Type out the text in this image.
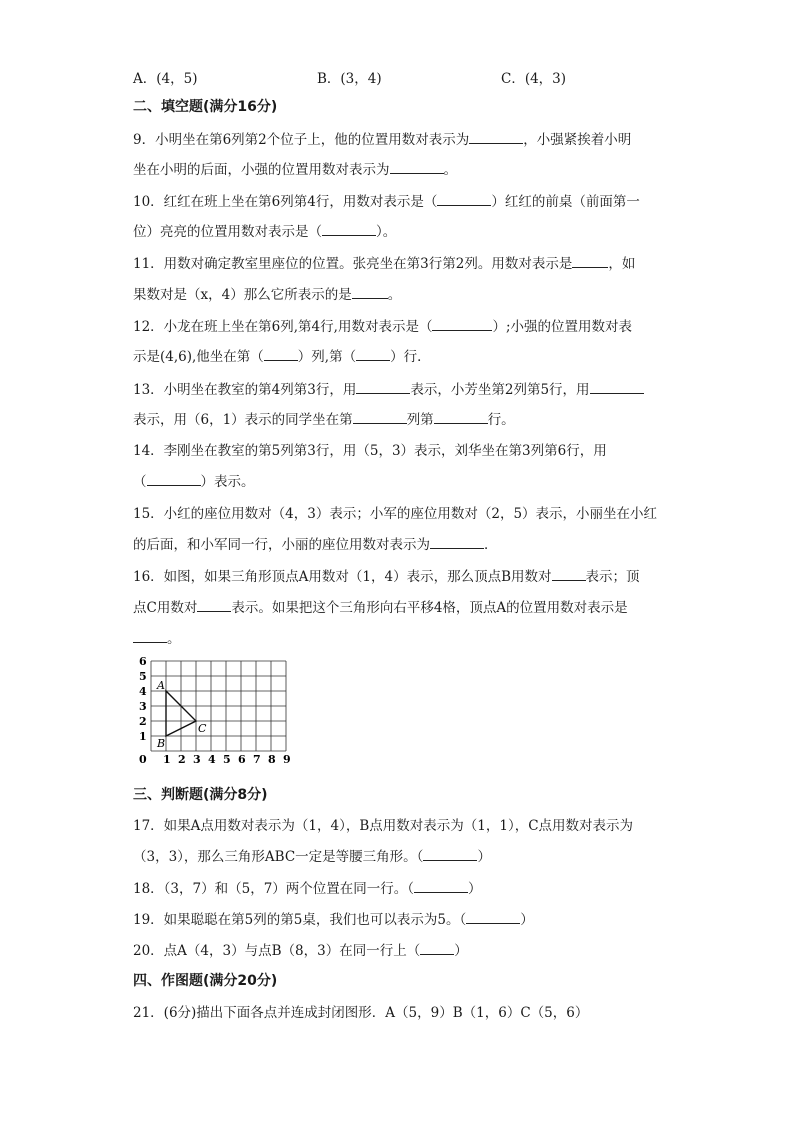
A．(4，5)	B．(3，4)	C．(4，3)
二、填空题(满分16分)
9．小明坐在第6列第2个位子上，他的位置用数对表示为	，小强紧挨着小明
坐在小明的后面，小强的位置用数对表示为	。
10．红红在班上坐在第6列第4行，用数对表示是（	）红红的前桌（前面第一
位）亮亮的位置用数对表示是（	）。
11．用数对确定教室里座位的位置。张亮坐在第3行第2列。用数对表示是	，如
果数对是（x，4）那么它所表示的是	。
12．小龙在班上坐在第6列,第4行,用数对表示是（	）;小强的位置用数对表
示是(4,6),他坐在第（	）列,第（	）行．
13．小明坐在教室的第4列第3行，用	表示，小芳坐第2列第5行，用
表示，用（6，1）表示的同学坐在第	列第	行。
14．李刚坐在教室的第5列第3行，用（5，3）表示，刘华坐在第3列第6行，用
（	）表示。
15．小红的座位用数对（4，3）表示；小军的座位用数对（2，5）表示，小丽坐在小红
的后面，和小军同一行，小丽的座位用数对表示为	．
16．如图，如果三角形顶点A用数对（1，4）表示，那么顶点B用数对	表示；顶
点C用数对	表示。如果把这个三角形向右平移4格，顶点A的位置用数对表示是
。
0 1 2 3 4 5 6 7 8 9
1
2
3
4
5
6
A
B
C
三、判断题(满分8分)
17．如果A点用数对表示为（1，4），B点用数对表示为（1，1），C点用数对表示为
（3，3），那么三角形ABC一定是等腰三角形。（	）
18．（3，7）和（5，7）两个位置在同一行。（	）
19．如果聪聪在第5列的第5桌，我们也可以表示为5。（	）
20．点A（4，3）与点B（8，3）在同一行上（	）
四、作图题(满分20分)
21．(6分)描出下面各点并连成封闭图形．A（5，9）B（1，6）C（5，6）
